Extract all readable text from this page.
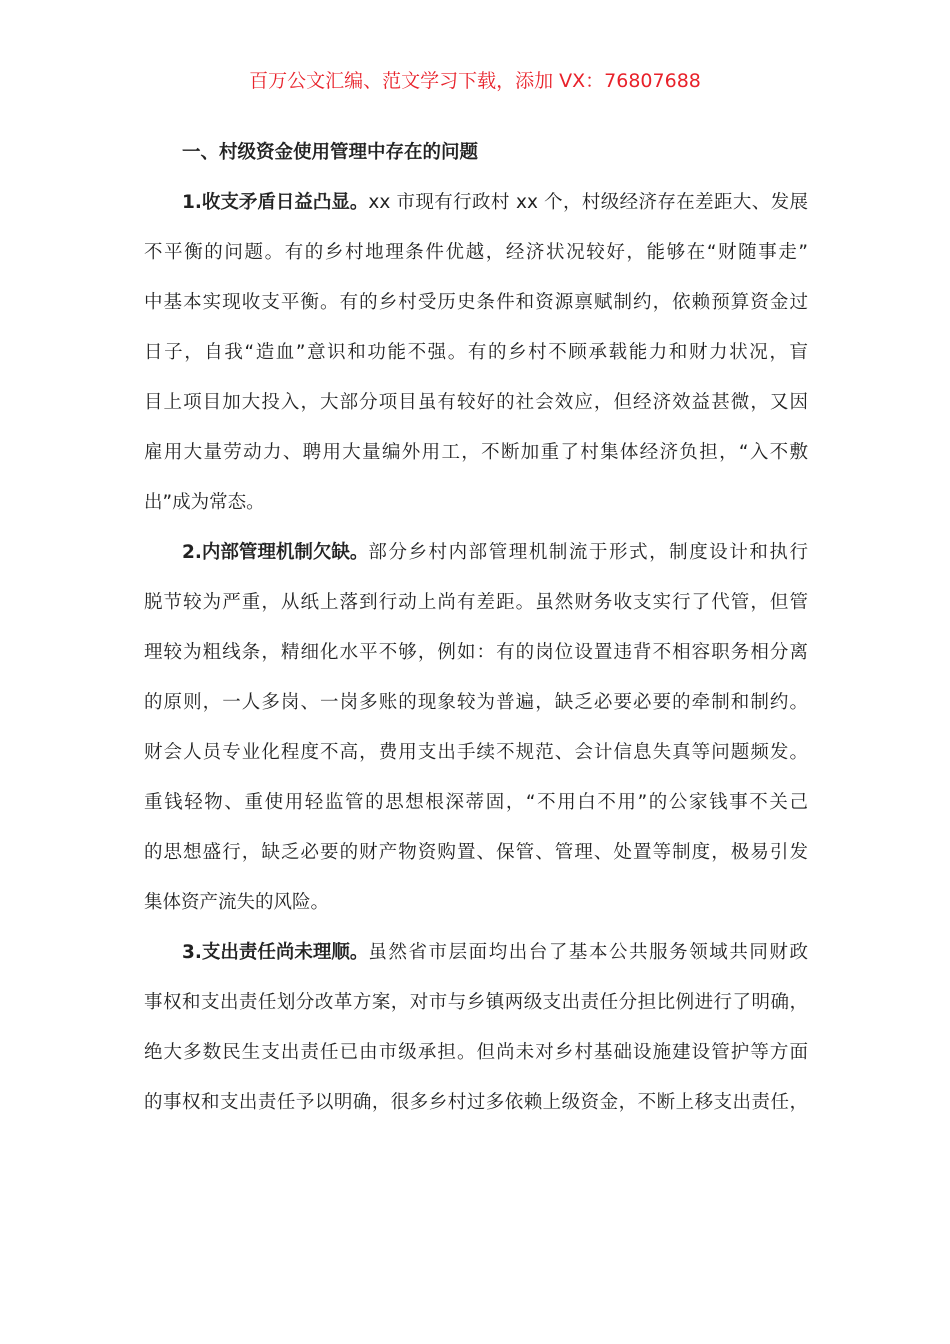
百万公文汇编、范文学习下载，添加 VX：76807688
一、村级资金使用管理中存在的问题
1.收支矛盾日益凸显。 xx 市现有行政村 xx 个，村级经济存在差距大、发展
不平衡的问题。有的乡村地理条件优越，经济状况较好，能够在“财随事走”
中基本实现收支平衡。有的乡村受历史条件和资源禀赋制约，依赖预算资金过
日子，自我“造血”意识和功能不强。有的乡村不顾承载能力和财力状况，盲
目上项目加大投入，大部分项目虽有较好的社会效应，但经济效益甚微，又因
雇用大量劳动力、聘用大量编外用工，不断加重了村集体经济负担，“入不敷
出”成为常态。
2.内部管理机制欠缺。 部分乡村内部管理机制流于形式，制度设计和执行
脱节较为严重，从纸上落到行动上尚有差距。虽然财务收支实行了代管，但管
理较为粗线条，精细化水平不够，例如：有的岗位设置违背不相容职务相分离
的原则，一人多岗、一岗多账的现象较为普遍，缺乏必要必要的牵制和制约。
财会人员专业化程度不高，费用支出手续不规范、会计信息失真等问题频发。
重钱轻物、重使用轻监管的思想根深蒂固，“不用白不用”的公家钱事不关己
的思想盛行，缺乏必要的财产物资购置、保管、管理、处置等制度，极易引发
集体资产流失的风险。
3.支出责任尚未理顺。 虽然省市层面均出台了基本公共服务领域共同财政
事权和支出责任划分改革方案，对市与乡镇两级支出责任分担比例进行了明确，
绝大多数民生支出责任已由市级承担。但尚未对乡村基础设施建设管护等方面
的事权和支出责任予以明确，很多乡村过多依赖上级资金，不断上移支出责任，
